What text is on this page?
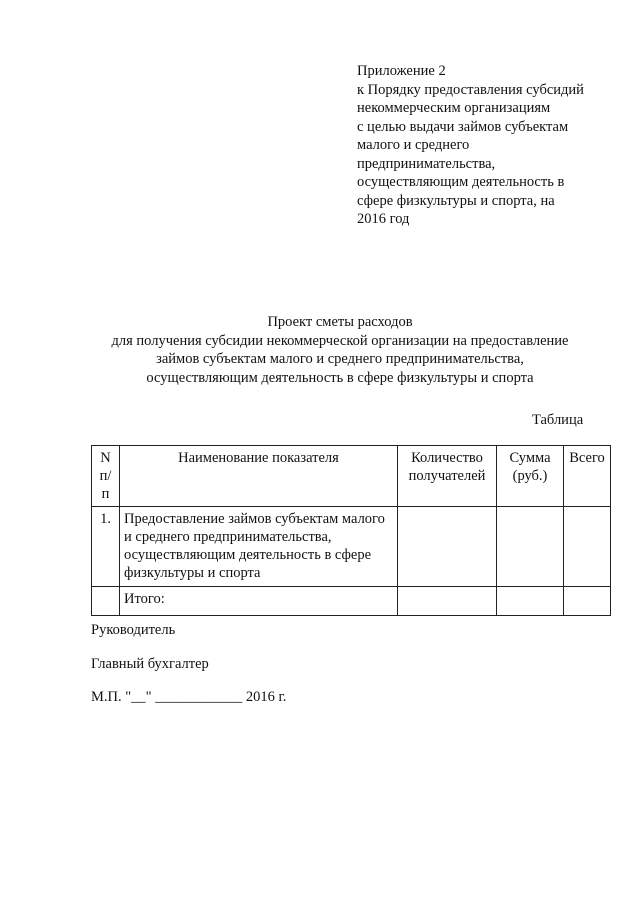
Приложение 2
к Порядку предоставления субсидий
некоммерческим организациям
с целью выдачи займов субъектам
малого и среднего
предпринимательства,
осуществляющим деятельность в
сфере физкультуры и спорта, на
2016 год
Проект сметы расходов
для получения субсидии некоммерческой организации на предоставление
займов субъектам малого и среднего предпринимательства,
осуществляющим деятельность в сфере физкультуры и спорта
Таблица
N п/п	Наименование показателя	Количество получателей	Сумма (руб.)	Всего
1.	Предоставление займов субъектам малого и среднего предпринимательства, осуществляющим деятельность в сфере физкультуры и спорта			
	Итого:			
Руководитель
Главный бухгалтер
М.П. "__" ____________ 2016 г.
